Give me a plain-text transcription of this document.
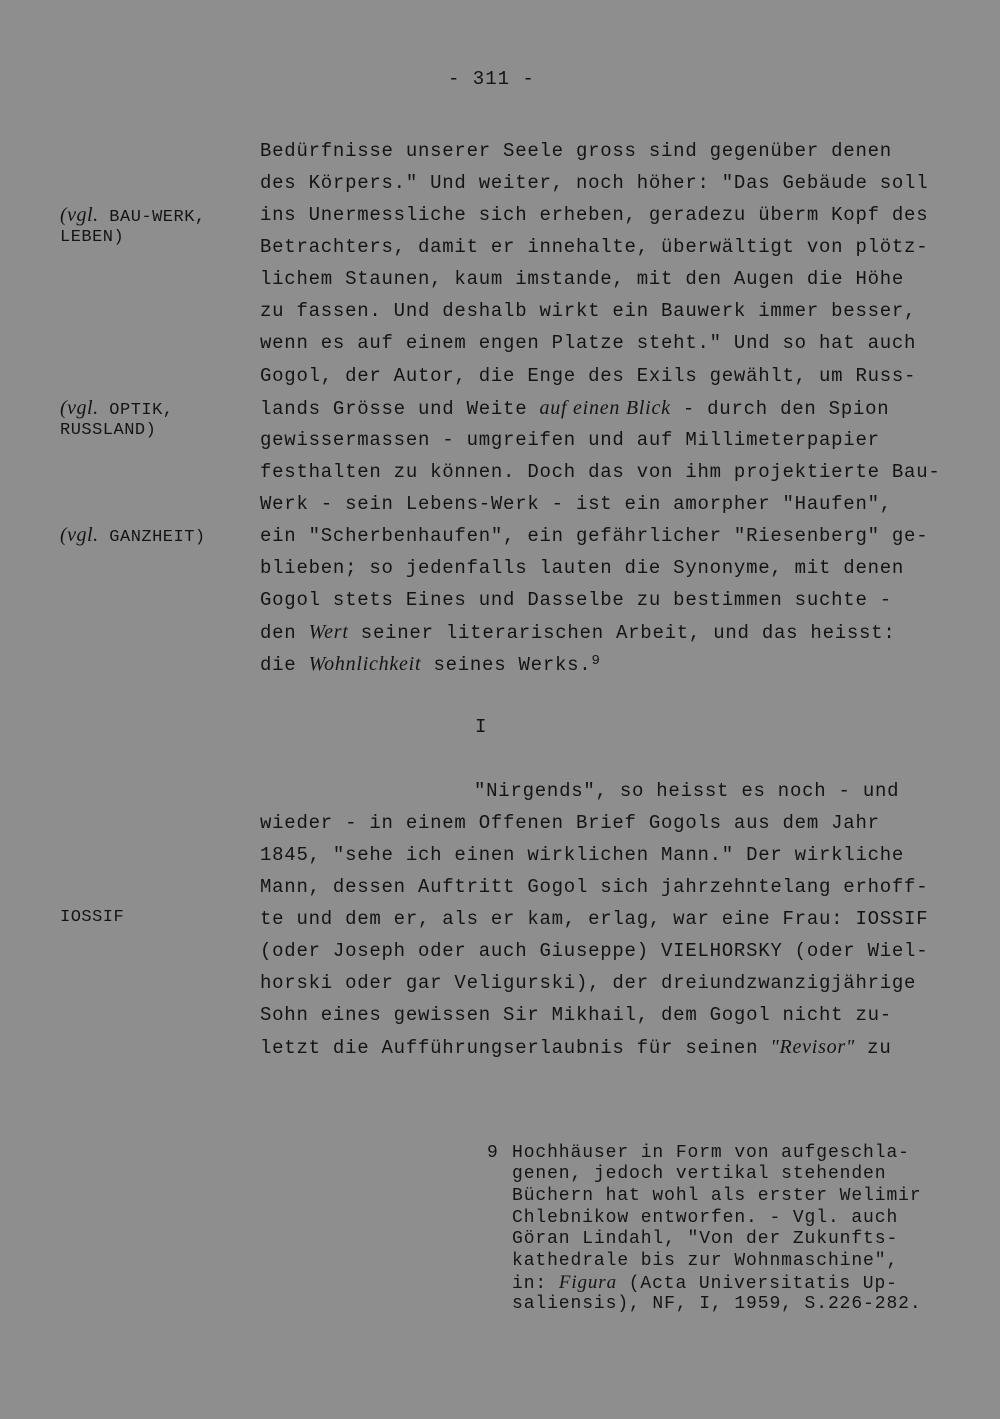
- 311 -
(vgl. BAU-WERK,
LEBEN)
(vgl. OPTIK,
RUSSLAND)
(vgl. GANZHEIT)
IOSSIF
Bedürfnisse unserer Seele gross sind gegenüber denen
des Körpers." Und weiter, noch höher: "Das Gebäude soll
ins Unermessliche sich erheben, geradezu überm Kopf des
Betrachters, damit er innehalte, überwältigt von plötz-
lichem Staunen, kaum imstande, mit den Augen die Höhe
zu fassen. Und deshalb wirkt ein Bauwerk immer besser,
wenn es auf einem engen Platze steht." Und so hat auch
Gogol, der Autor, die Enge des Exils gewählt, um Russ-
lands Grösse und Weite auf einen Blick - durch den Spion
gewissermassen - umgreifen und auf Millimeterpapier
festhalten zu können. Doch das von ihm projektierte Bau-
Werk - sein Lebens-Werk - ist ein amorpher "Haufen",
ein "Scherbenhaufen", ein gefährlicher "Riesenberg" ge-
blieben; so jedenfalls lauten die Synonyme, mit denen
Gogol stets Eines und Dasselbe zu bestimmen suchte -
den Wert seiner literarischen Arbeit, und das heisst:
die Wohnlichkeit seines Werks.$^9$
I
"Nirgends", so heisst es noch - und
wieder - in einem Offenen Brief Gogols aus dem Jahr
1845, "sehe ich einen wirklichen Mann." Der wirkliche
Mann, dessen Auftritt Gogol sich jahrzehntelang erhoff-
te und dem er, als er kam, erlag, war eine Frau: IOSSIF
(oder Joseph oder auch Giuseppe) VIELHORSKY (oder Wiel-
horski oder gar Veligurski), der dreiundzwanzigjährige
Sohn eines gewissen Sir Mikhail, dem Gogol nicht zu-
letzt die Aufführungserlaubnis für seinen "Revisor" zu
9 Hochhäuser in Form von aufgeschla-
genen, jedoch vertikal stehenden
Büchern hat wohl als erster Welimir
Chlebnikow entworfen. - Vgl. auch
Göran Lindahl, "Von der Zukunfts-
kathedrale bis zur Wohnmaschine",
in: Figura (Acta Universitatis Up-
saliensis), NF, I, 1959, S.226-282.
